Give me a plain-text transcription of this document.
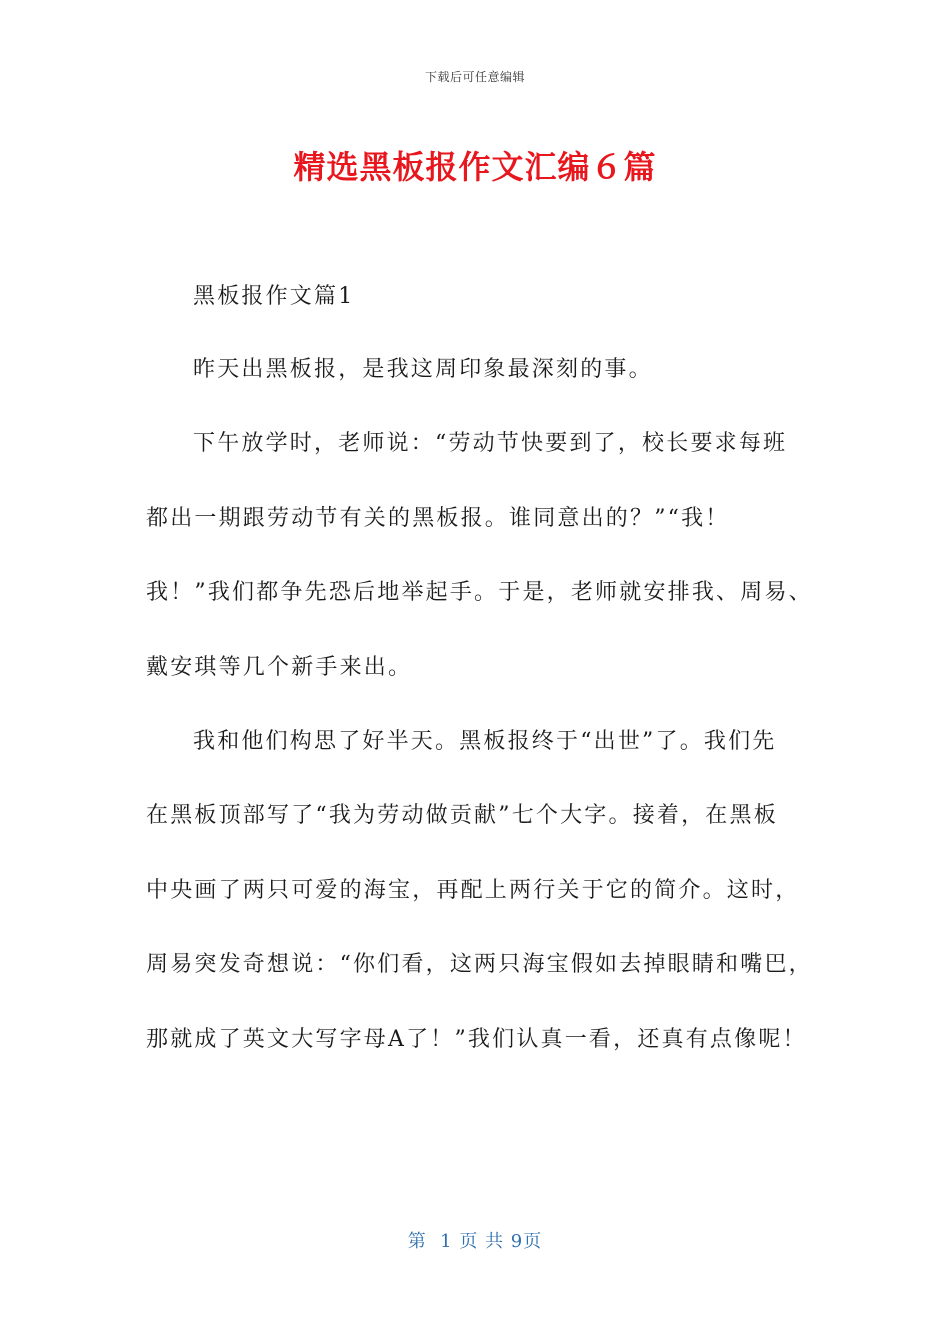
下载后可任意编辑
精选黑板报作文汇编６篇
黑板报作文篇1
昨天出黑板报，是我这周印象最深刻的事。
下午放学时，老师说：“劳动节快要到了，校长要求每班
都出一期跟劳动节有关的黑板报。谁同意出的？”“我！
我！”我们都争先恐后地举起手。于是，老师就安排我、周易、
戴安琪等几个新手来出。
我和他们构思了好半天。黑板报终于“出世”了。我们先
在黑板顶部写了“我为劳动做贡献”七个大字。接着，在黑板
中央画了两只可爱的海宝，再配上两行关于它的简介。这时，
周易突发奇想说：“你们看，这两只海宝假如去掉眼睛和嘴巴，
那就成了英文大写字母A了！”我们认真一看，还真有点像呢！
第  1 页 共 9页
